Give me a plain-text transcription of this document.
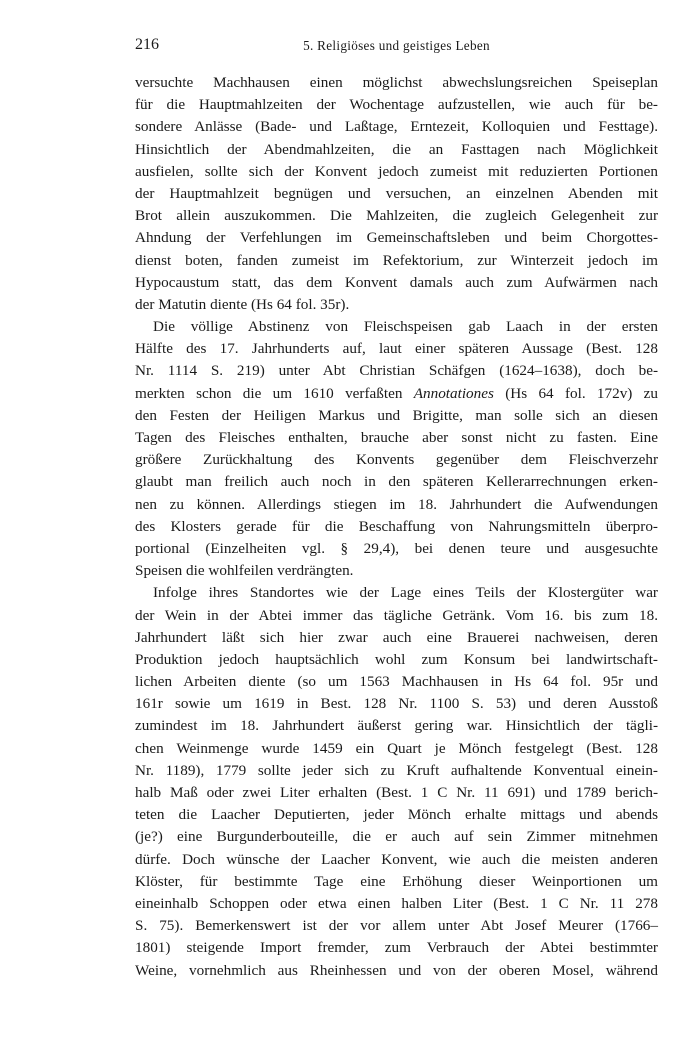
216	5. Religiöses und geistiges Leben
versuchte Machhausen einen möglichst abwechslungsreichen Speiseplan
für die Hauptmahlzeiten der Wochentage aufzustellen, wie auch für be-
sondere Anlässe (Bade- und Laßtage, Erntezeit, Kolloquien und Festtage).
Hinsichtlich der Abendmahlzeiten, die an Fasttagen nach Möglichkeit
ausfielen, sollte sich der Konvent jedoch zumeist mit reduzierten Portionen
der Hauptmahlzeit begnügen und versuchen, an einzelnen Abenden mit
Brot allein auszukommen. Die Mahlzeiten, die zugleich Gelegenheit zur
Ahndung der Verfehlungen im Gemeinschaftsleben und beim Chorgottes-
dienst boten, fanden zumeist im Refektorium, zur Winterzeit jedoch im
Hypocaustum statt, das dem Konvent damals auch zum Aufwärmen nach
der Matutin diente (Hs 64 fol. 35r).
Die völlige Abstinenz von Fleischspeisen gab Laach in der ersten
Hälfte des 17. Jahrhunderts auf, laut einer späteren Aussage (Best. 128
Nr. 1114 S. 219) unter Abt Christian Schäfgen (1624–1638), doch be-
merkten schon die um 1610 verfaßten Annotationes (Hs 64 fol. 172v) zu
den Festen der Heiligen Markus und Brigitte, man solle sich an diesen
Tagen des Fleisches enthalten, brauche aber sonst nicht zu fasten. Eine
größere Zurückhaltung des Konvents gegenüber dem Fleischverzehr
glaubt man freilich auch noch in den späteren Kellerarrechnungen erken-
nen zu können. Allerdings stiegen im 18. Jahrhundert die Aufwendungen
des Klosters gerade für die Beschaffung von Nahrungsmitteln überpro-
portional (Einzelheiten vgl. § 29,4), bei denen teure und ausgesuchte
Speisen die wohlfeilen verdrängten.
Infolge ihres Standortes wie der Lage eines Teils der Klostergüter war
der Wein in der Abtei immer das tägliche Getränk. Vom 16. bis zum 18.
Jahrhundert läßt sich hier zwar auch eine Brauerei nachweisen, deren
Produktion jedoch hauptsächlich wohl zum Konsum bei landwirtschaft-
lichen Arbeiten diente (so um 1563 Machhausen in Hs 64 fol. 95r und
161r sowie um 1619 in Best. 128 Nr. 1100 S. 53) und deren Ausstoß
zumindest im 18. Jahrhundert äußerst gering war. Hinsichtlich der tägli-
chen Weinmenge wurde 1459 ein Quart je Mönch festgelegt (Best. 128
Nr. 1189), 1779 sollte jeder sich zu Kruft aufhaltende Konventual einein-
halb Maß oder zwei Liter erhalten (Best. 1 C Nr. 11 691) und 1789 berich-
teten die Laacher Deputierten, jeder Mönch erhalte mittags und abends
(je?) eine Burgunderbouteille, die er auch auf sein Zimmer mitnehmen
dürfe. Doch wünsche der Laacher Konvent, wie auch die meisten anderen
Klöster, für bestimmte Tage eine Erhöhung dieser Weinportionen um
eineinhalb Schoppen oder etwa einen halben Liter (Best. 1 C Nr. 11 278
S. 75). Bemerkenswert ist der vor allem unter Abt Josef Meurer (1766–
1801) steigende Import fremder, zum Verbrauch der Abtei bestimmter
Weine, vornehmlich aus Rheinhessen und von der oberen Mosel, während
